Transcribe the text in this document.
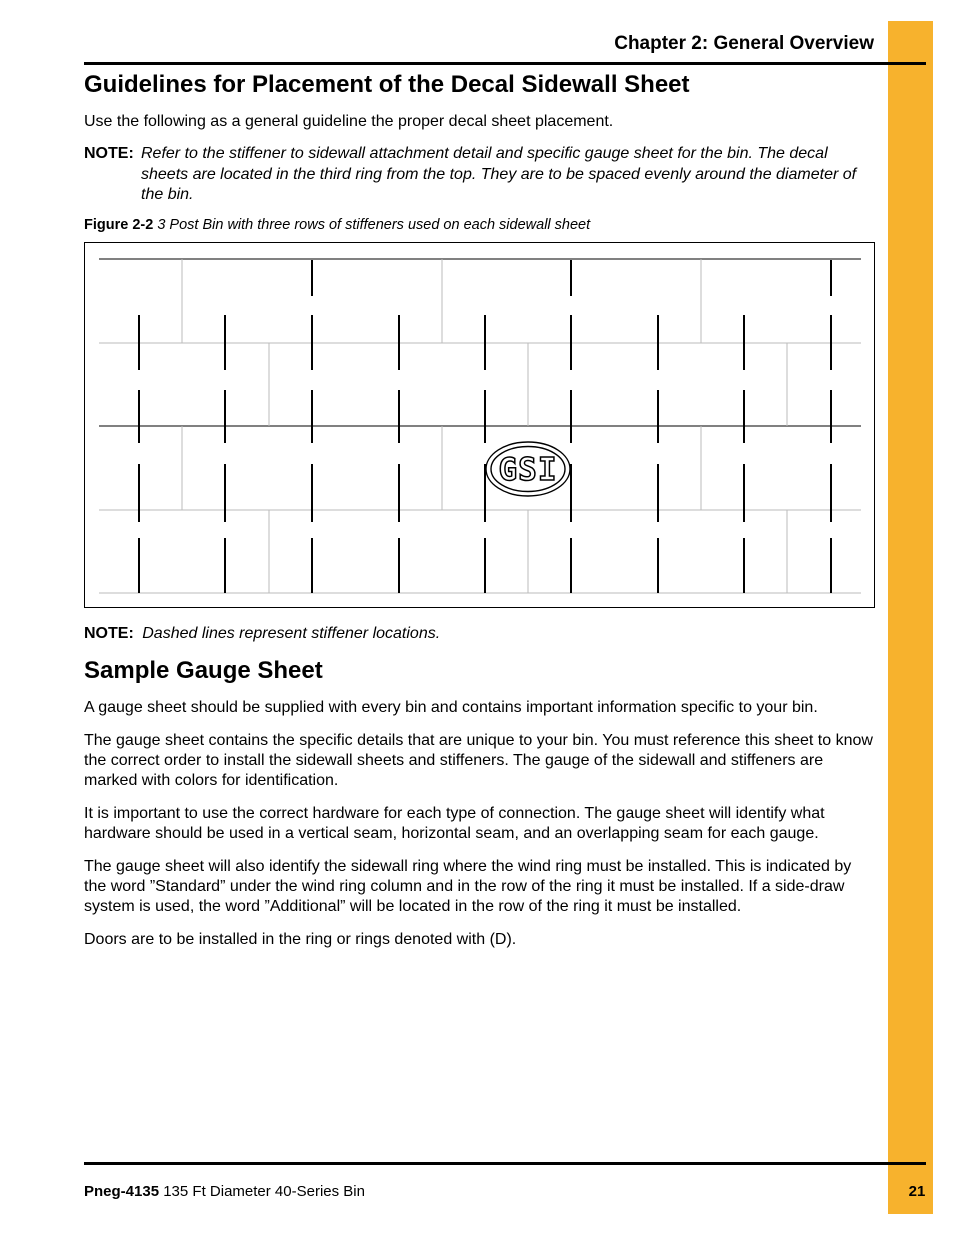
Chapter 2: General Overview
Guidelines for Placement of the Decal Sidewall Sheet

Use the following as a general guideline the proper decal sheet placement.

NOTE: Refer to the stiffener to sidewall attachment detail and specific gauge sheet for the bin. The decal sheets are located in the third ring from the top. They are to be spaced evenly around the diameter of the bin.
Figure 2-2 3 Post Bin with three rows of stiffeners used on each sidewall sheet
GSI
NOTE: Dashed lines represent stiffener locations.
Sample Gauge Sheet

A gauge sheet should be supplied with every bin and contains important information specific to your bin.

The gauge sheet contains the specific details that are unique to your bin. You must reference this sheet to know the correct order to install the sidewall sheets and stiffeners. The gauge of the sidewall and stiffeners are marked with colors for identification.

It is important to use the correct hardware for each type of connection. The gauge sheet will identify what hardware should be used in a vertical seam, horizontal seam, and an overlapping seam for each gauge.

The gauge sheet will also identify the sidewall ring where the wind ring must be installed. This is indicated by the word ”Standard” under the wind ring column and in the row of the ring it must be installed. If a side-draw system is used, the word ”Additional” will be located in the row of the ring it must be installed.

Doors are to be installed in the ring or rings denoted with (D).

Pneg-4135 135 Ft Diameter 40-Series Bin	21
